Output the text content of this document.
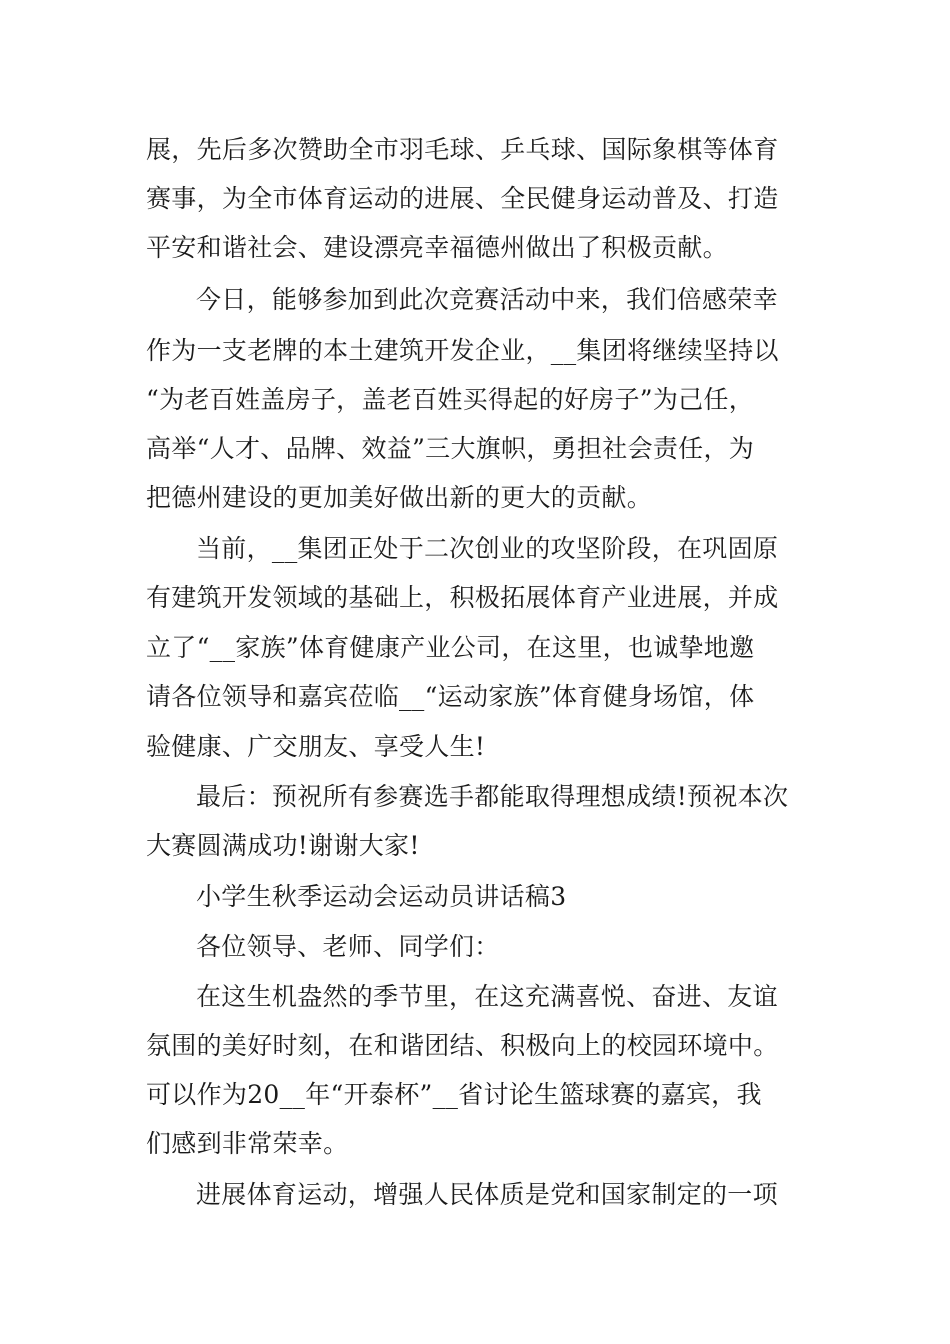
展，先后多次赞助全市羽毛球、乒乓球、国际象棋等体育
赛事，为全市体育运动的进展、全民健身运动普及、打造
平安和谐社会、建设漂亮幸福德州做出了积极贡献。
今日，能够参加到此次竞赛活动中来，我们倍感荣幸
作为一支老牌的本土建筑开发企业，__集团将继续坚持以
“为老百姓盖房子，盖老百姓买得起的好房子”为己任，
高举“人才、品牌、效益”三大旗帜，勇担社会责任，为
把德州建设的更加美好做出新的更大的贡献。
当前，__集团正处于二次创业的攻坚阶段，在巩固原
有建筑开发领域的基础上，积极拓展体育产业进展，并成
立了“__家族”体育健康产业公司，在这里，也诚挚地邀
请各位领导和嘉宾莅临__“运动家族”体育健身场馆，体
验健康、广交朋友、享受人生!
最后：预祝所有参赛选手都能取得理想成绩!预祝本次
大赛圆满成功!谢谢大家!
小学生秋季运动会运动员讲话稿3
各位领导、老师、同学们：
在这生机盎然的季节里，在这充满喜悦、奋进、友谊
氛围的美好时刻，在和谐团结、积极向上的校园环境中。
可以作为20__年“开泰杯”__省讨论生篮球赛的嘉宾，我
们感到非常荣幸。
进展体育运动，增强人民体质是党和国家制定的一项
